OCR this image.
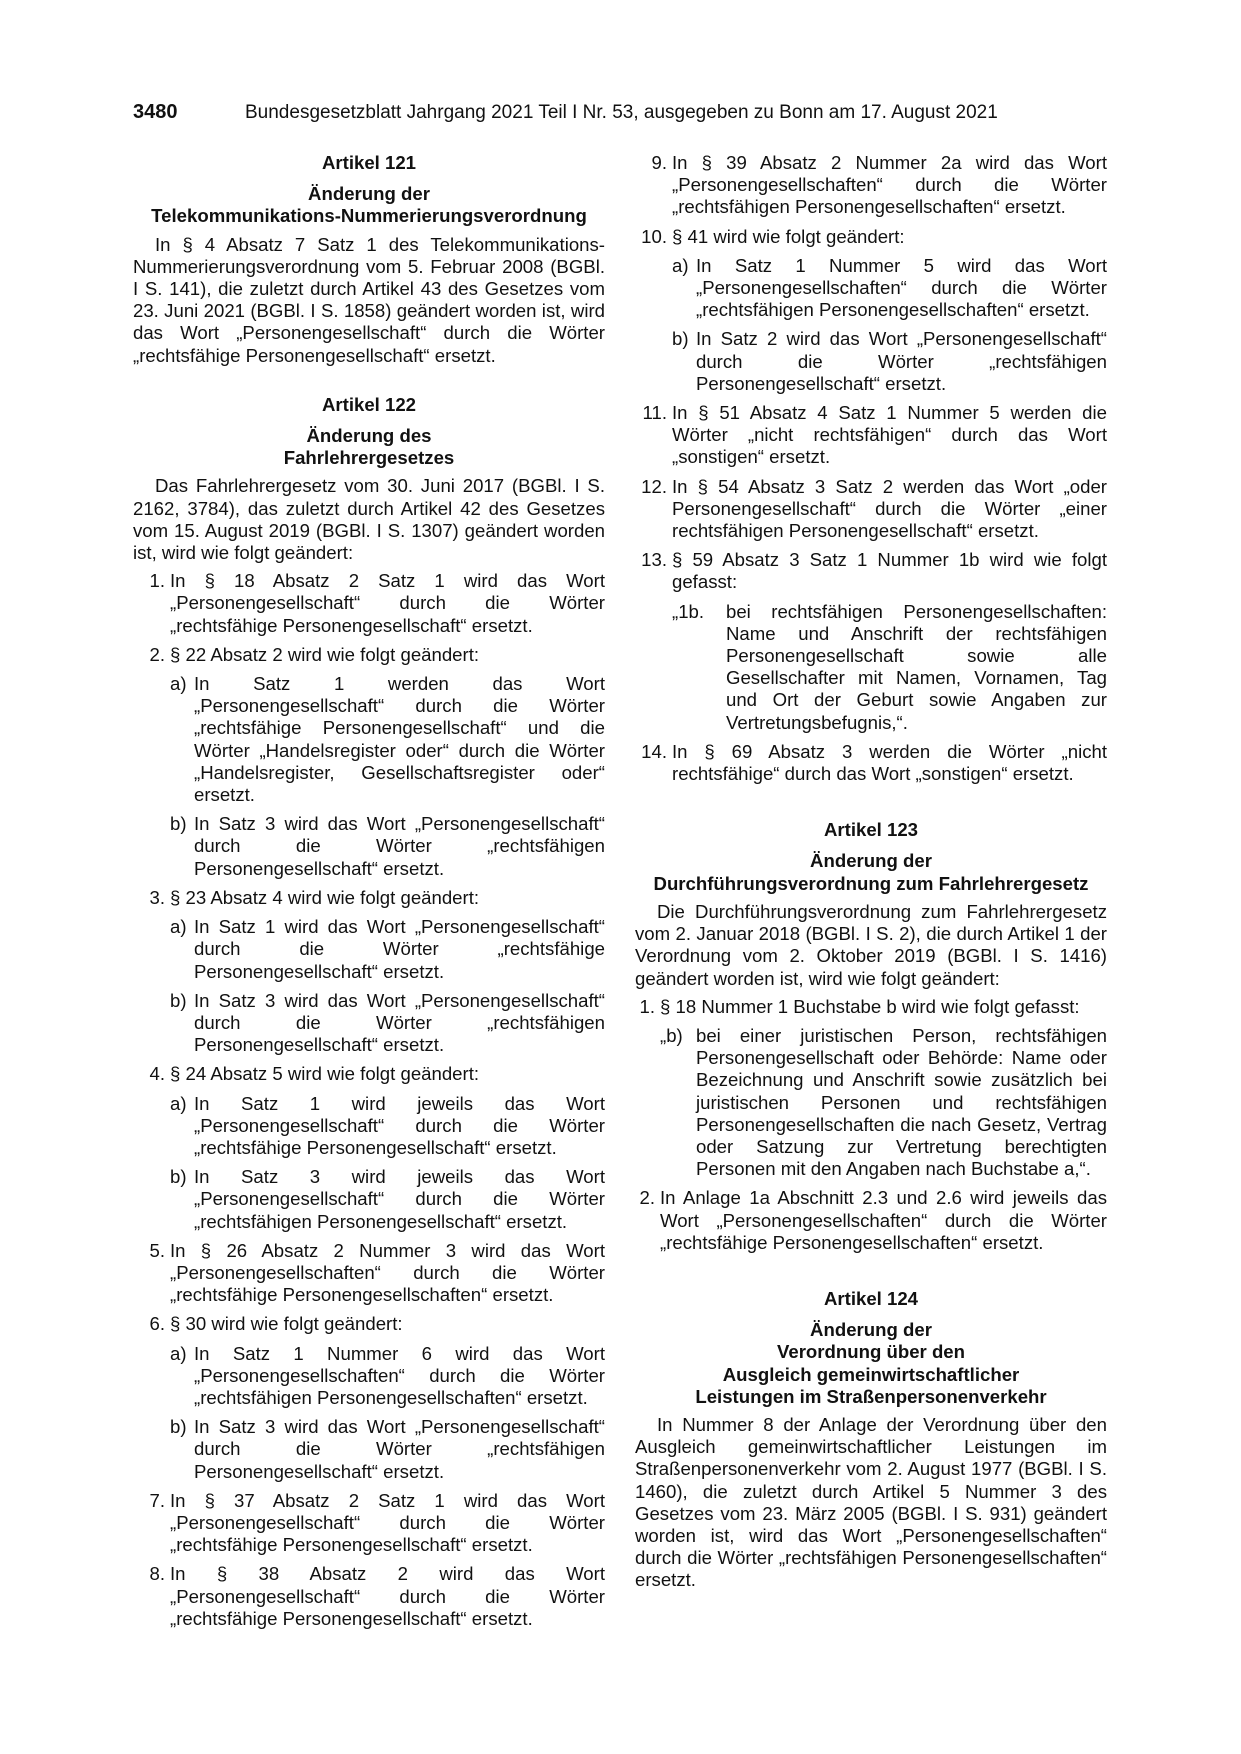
3480	Bundesgesetzblatt Jahrgang 2021 Teil I Nr. 53, ausgegeben zu Bonn am 17. August 2021
Artikel 121
Änderung der
Telekommunikations-Nummerierungsverordnung

In § 4 Absatz 7 Satz 1 des Telekommunikations-Nummerierungsverordnung vom 5. Februar 2008 (BGBl. I S. 141), die zuletzt durch Artikel 43 des Gesetzes vom 23. Juni 2021 (BGBl. I S. 1858) geändert worden ist, wird das Wort „Personengesellschaft“ durch die Wörter „rechtsfähige Personengesellschaft“ ersetzt.

Artikel 122
Änderung des
Fahrlehrergesetzes

Das Fahrlehrergesetz vom 30. Juni 2017 (BGBl. I S. 2162, 3784), das zuletzt durch Artikel 42 des Gesetzes vom 15. August 2019 (BGBl. I S. 1307) geändert worden ist, wird wie folgt geändert:

1. In § 18 Absatz 2 Satz 1 wird das Wort „Personengesellschaft“ durch die Wörter „rechtsfähige Personengesellschaft“ ersetzt.
2. § 22 Absatz 2 wird wie folgt geändert:
a) In Satz 1 werden das Wort „Personengesellschaft“ durch die Wörter „rechtsfähige Personengesellschaft“ und die Wörter „Handelsregister oder“ durch die Wörter „Handelsregister, Gesellschaftsregister oder“ ersetzt.
b) In Satz 3 wird das Wort „Personengesellschaft“ durch die Wörter „rechtsfähigen Personengesellschaft“ ersetzt.
3. § 23 Absatz 4 wird wie folgt geändert:
a) In Satz 1 wird das Wort „Personengesellschaft“ durch die Wörter „rechtsfähige Personengesellschaft“ ersetzt.
b) In Satz 3 wird das Wort „Personengesellschaft“ durch die Wörter „rechtsfähigen Personengesellschaft“ ersetzt.
4. § 24 Absatz 5 wird wie folgt geändert:
a) In Satz 1 wird jeweils das Wort „Personengesellschaft“ durch die Wörter „rechtsfähige Personengesellschaft“ ersetzt.
b) In Satz 3 wird jeweils das Wort „Personengesellschaft“ durch die Wörter „rechtsfähigen Personengesellschaft“ ersetzt.
5. In § 26 Absatz 2 Nummer 3 wird das Wort „Personengesellschaften“ durch die Wörter „rechtsfähige Personengesellschaften“ ersetzt.
6. § 30 wird wie folgt geändert:
a) In Satz 1 Nummer 6 wird das Wort „Personengesellschaften“ durch die Wörter „rechtsfähigen Personengesellschaften“ ersetzt.
b) In Satz 3 wird das Wort „Personengesellschaft“ durch die Wörter „rechtsfähigen Personengesellschaft“ ersetzt.
7. In § 37 Absatz 2 Satz 1 wird das Wort „Personengesellschaft“ durch die Wörter „rechtsfähige Personengesellschaft“ ersetzt.
8. In § 38 Absatz 2 wird das Wort „Personengesellschaft“ durch die Wörter „rechtsfähige Personengesellschaft“ ersetzt.
9. In § 39 Absatz 2 Nummer 2a wird das Wort „Personengesellschaften“ durch die Wörter „rechtsfähigen Personengesellschaften“ ersetzt.
10. § 41 wird wie folgt geändert:
a) In Satz 1 Nummer 5 wird das Wort „Personengesellschaften“ durch die Wörter „rechtsfähigen Personengesellschaften“ ersetzt.
b) In Satz 2 wird das Wort „Personengesellschaft“ durch die Wörter „rechtsfähigen Personengesellschaft“ ersetzt.
11. In § 51 Absatz 4 Satz 1 Nummer 5 werden die Wörter „nicht rechtsfähigen“ durch das Wort „sonstigen“ ersetzt.
12. In § 54 Absatz 3 Satz 2 werden das Wort „oder Personengesellschaft“ durch die Wörter „einer rechtsfähigen Personengesellschaft“ ersetzt.
13. § 59 Absatz 3 Satz 1 Nummer 1b wird wie folgt gefasst:
„1b.	bei rechtsfähigen Personengesellschaften: Name und Anschrift der rechtsfähigen Personengesellschaft sowie alle Gesellschafter mit Namen, Vornamen, Tag und Ort der Geburt sowie Angaben zur Vertretungsbefugnis,“.
14. In § 69 Absatz 3 werden die Wörter „nicht rechtsfähige“ durch das Wort „sonstigen“ ersetzt.
Artikel 123
Änderung der
Durchführungsverordnung zum Fahrlehrergesetz

Die Durchführungsverordnung zum Fahrlehrergesetz vom 2. Januar 2018 (BGBl. I S. 2), die durch Artikel 1 der Verordnung vom 2. Oktober 2019 (BGBl. I S. 1416) geändert worden ist, wird wie folgt geändert:

1. § 18 Nummer 1 Buchstabe b wird wie folgt gefasst:
„b) bei einer juristischen Person, rechtsfähigen Personengesellschaft oder Behörde: Name oder Bezeichnung und Anschrift sowie zusätzlich bei juristischen Personen und rechtsfähigen Personengesellschaften die nach Gesetz, Vertrag oder Satzung zur Vertretung berechtigten Personen mit den Angaben nach Buchstabe a,“.
2. In Anlage 1a Abschnitt 2.3 und 2.6 wird jeweils das Wort „Personengesellschaften“ durch die Wörter „rechtsfähige Personengesellschaften“ ersetzt.
Artikel 124
Änderung der
Verordnung über den
Ausgleich gemeinwirtschaftlicher
Leistungen im Straßenpersonenverkehr

In Nummer 8 der Anlage der Verordnung über den Ausgleich gemeinwirtschaftlicher Leistungen im Straßenpersonenverkehr vom 2. August 1977 (BGBl. I S. 1460), die zuletzt durch Artikel 5 Nummer 3 des Gesetzes vom 23. März 2005 (BGBl. I S. 931) geändert worden ist, wird das Wort „Personengesellschaften“ durch die Wörter „rechtsfähigen Personengesellschaften“ ersetzt.
